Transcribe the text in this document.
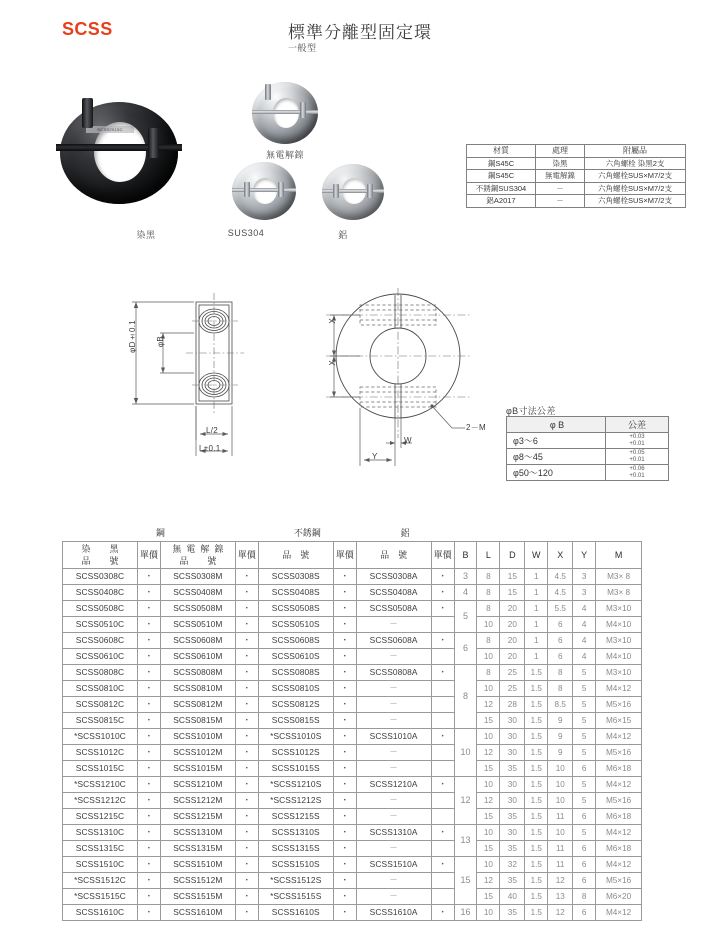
SCSS	標準分離型固定環
一般型
SCSS2015C
染黑
無電解鎳
SUS304	鋁
材質	處理	附屬品
鋼S45C	染黑	六角螺栓 染黑2支
鋼S45C	無電解鎳	六角螺栓SUS×M7/2支
不銹鋼SUS304	－	六角螺栓SUS×M7/2支
鋁A2017	－	六角螺栓SUS×M7/2支
φD±0.1 φB
L/2
L±0.1
X
X
W
Y
2－M
φB寸法公差
φ B	公差
φ3～6	+0.03
+0.01

φ8～45	+0.05
+0.01

φ50～120	+0.06
+0.01
鋼				不銹鋼		鋁								

染　黑
品　號	單價	無電解鎳
品　號	單價	品　號	單價	品　號	單價	B	L	D	W	X	Y	M
SCSS0308C	・	SCSS0308M	・	SCSS0308S	・	SCSS0308A	・	3	8	15	1	4.5	3	M3× 8
SCSS0408C	・	SCSS0408M	・	SCSS0408S	・	SCSS0408A	・	4	8	15	1	4.5	3	M3× 8
SCSS0508C	・	SCSS0508M	・	SCSS0508S	・	SCSS0508A	・	5	8	20	1	5.5	4	M3×10
SCSS0510C	・	SCSS0510M	・	SCSS0510S	・	－			10	20	1	6	4	M4×10
SCSS0608C	・	SCSS0608M	・	SCSS0608S	・	SCSS0608A	・	6	8	20	1	6	4	M3×10
SCSS0610C	・	SCSS0610M	・	SCSS0610S	・	－			10	20	1	6	4	M4×10
SCSS0808C	・	SCSS0808M	・	SCSS0808S	・	SCSS0808A	・	8	8	25	1.5	8	5	M3×10
SCSS0810C	・	SCSS0810M	・	SCSS0810S	・	－			10	25	1.5	8	5	M4×12
SCSS0812C	・	SCSS0812M	・	SCSS0812S	・	－			12	28	1.5	8.5	5	M5×16
SCSS0815C	・	SCSS0815M	・	SCSS0815S	・	－			15	30	1.5	9	5	M6×15
*SCSS1010C	・	SCSS1010M	・	*SCSS1010S	・	SCSS1010A	・	10	10	30	1.5	9	5	M4×12
SCSS1012C	・	SCSS1012M	・	SCSS1012S	・	－			12	30	1.5	9	5	M5×16
SCSS1015C	・	SCSS1015M	・	SCSS1015S	・	－			15	35	1.5	10	6	M6×18
*SCSS1210C	・	SCSS1210M	・	*SCSS1210S	・	SCSS1210A	・	12	10	30	1.5	10	5	M4×12
*SCSS1212C	・	SCSS1212M	・	*SCSS1212S	・	－			12	30	1.5	10	5	M5×16
SCSS1215C	・	SCSS1215M	・	SCSS1215S	・	－			15	35	1.5	11	6	M6×18
SCSS1310C	・	SCSS1310M	・	SCSS1310S	・	SCSS1310A	・	13	10	30	1.5	10	5	M4×12
SCSS1315C	・	SCSS1315M	・	SCSS1315S	・	－			15	35	1.5	11	6	M6×18
SCSS1510C	・	SCSS1510M	・	SCSS1510S	・	SCSS1510A	・	15	10	32	1.5	11	6	M4×12
*SCSS1512C	・	SCSS1512M	・	*SCSS1512S	・	－			12	35	1.5	12	6	M5×16
*SCSS1515C	・	SCSS1515M	・	*SCSS1515S	・	－			15	40	1.5	13	8	M6×20
SCSS1610C	・	SCSS1610M	・	SCSS1610S	・	SCSS1610A	・	16	10	35	1.5	12	6	M4×12
